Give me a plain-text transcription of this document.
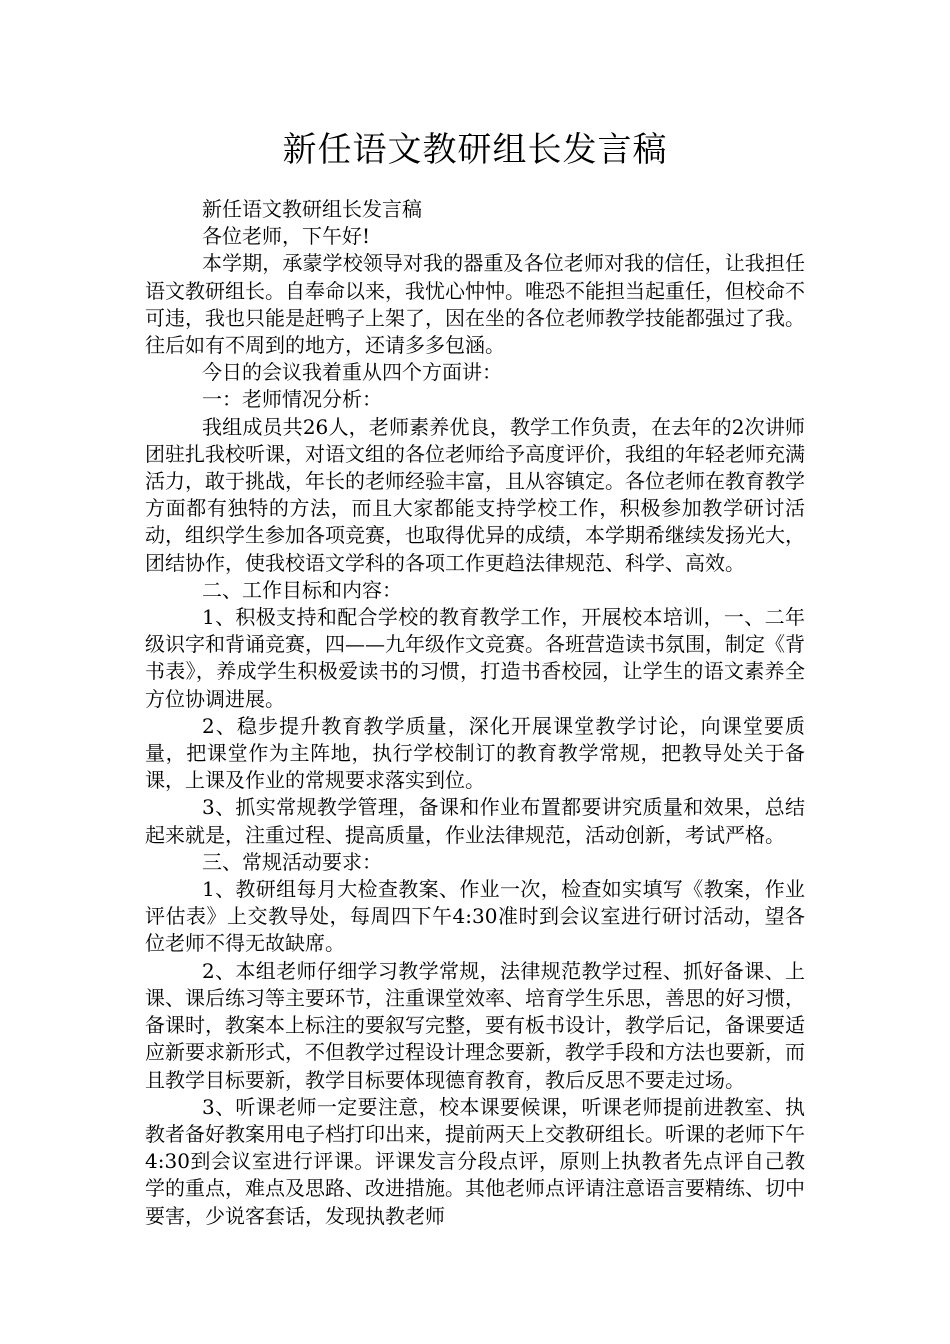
新任语文教研组长发言稿

新任语文教研组长发言稿

各位老师，下午好!

本学期，承蒙学校领导对我的器重及各位老师对我的信任，让我担任语文教研组长。自奉命以来，我忧心忡忡。唯恐不能担当起重任，但校命不可违，我也只能是赶鸭子上架了，因在坐的各位老师教学技能都强过了我。往后如有不周到的地方，还请多多包涵。

今日的会议我着重从四个方面讲：

一：老师情况分析：

我组成员共26人，老师素养优良，教学工作负责，在去年的2次讲师团驻扎我校听课，对语文组的各位老师给予高度评价，我组的年轻老师充满活力，敢于挑战，年长的老师经验丰富，且从容镇定。各位老师在教育教学方面都有独特的方法，而且大家都能支持学校工作，积极参加教学研讨活动，组织学生参加各项竞赛，也取得优异的成绩，本学期希继续发扬光大，团结协作，使我校语文学科的各项工作更趋法律规范、科学、高效。

二、工作目标和内容：

1、积极支持和配合学校的教育教学工作，开展校本培训，一、二年级识字和背诵竞赛，四——九年级作文竞赛。各班营造读书氛围，制定《背书表》，养成学生积极爱读书的习惯，打造书香校园，让学生的语文素养全方位协调进展。

2、稳步提升教育教学质量，深化开展课堂教学讨论，向课堂要质量，把课堂作为主阵地，执行学校制订的教育教学常规，把教导处关于备课，上课及作业的常规要求落实到位。

3、抓实常规教学管理，备课和作业布置都要讲究质量和效果，总结起来就是，注重过程、提高质量，作业法律规范，活动创新，考试严格。

三、常规活动要求：

1、教研组每月大检查教案、作业一次，检查如实填写《教案，作业评估表》上交教导处，每周四下午4:30准时到会议室进行研讨活动，望各位老师不得无故缺席。

2、本组老师仔细学习教学常规，法律规范教学过程、抓好备课、上课、课后练习等主要环节，注重课堂效率、培育学生乐思，善思的好习惯，备课时，教案本上标注的要叙写完整，要有板书设计，教学后记，备课要适应新要求新形式，不但教学过程设计理念要新，教学手段和方法也要新，而且教学目标要新，教学目标要体现德育教育，教后反思不要走过场。

3、听课老师一定要注意，校本课要候课，听课老师提前进教室、执教者备好教案用电子档打印出来，提前两天上交教研组长。听课的老师下午4:30到会议室进行评课。评课发言分段点评，原则上执教者先点评自己教学的重点，难点及思路、改进措施。其他老师点评请注意语言要精练、切中要害，少说客套话，发现执教老师
